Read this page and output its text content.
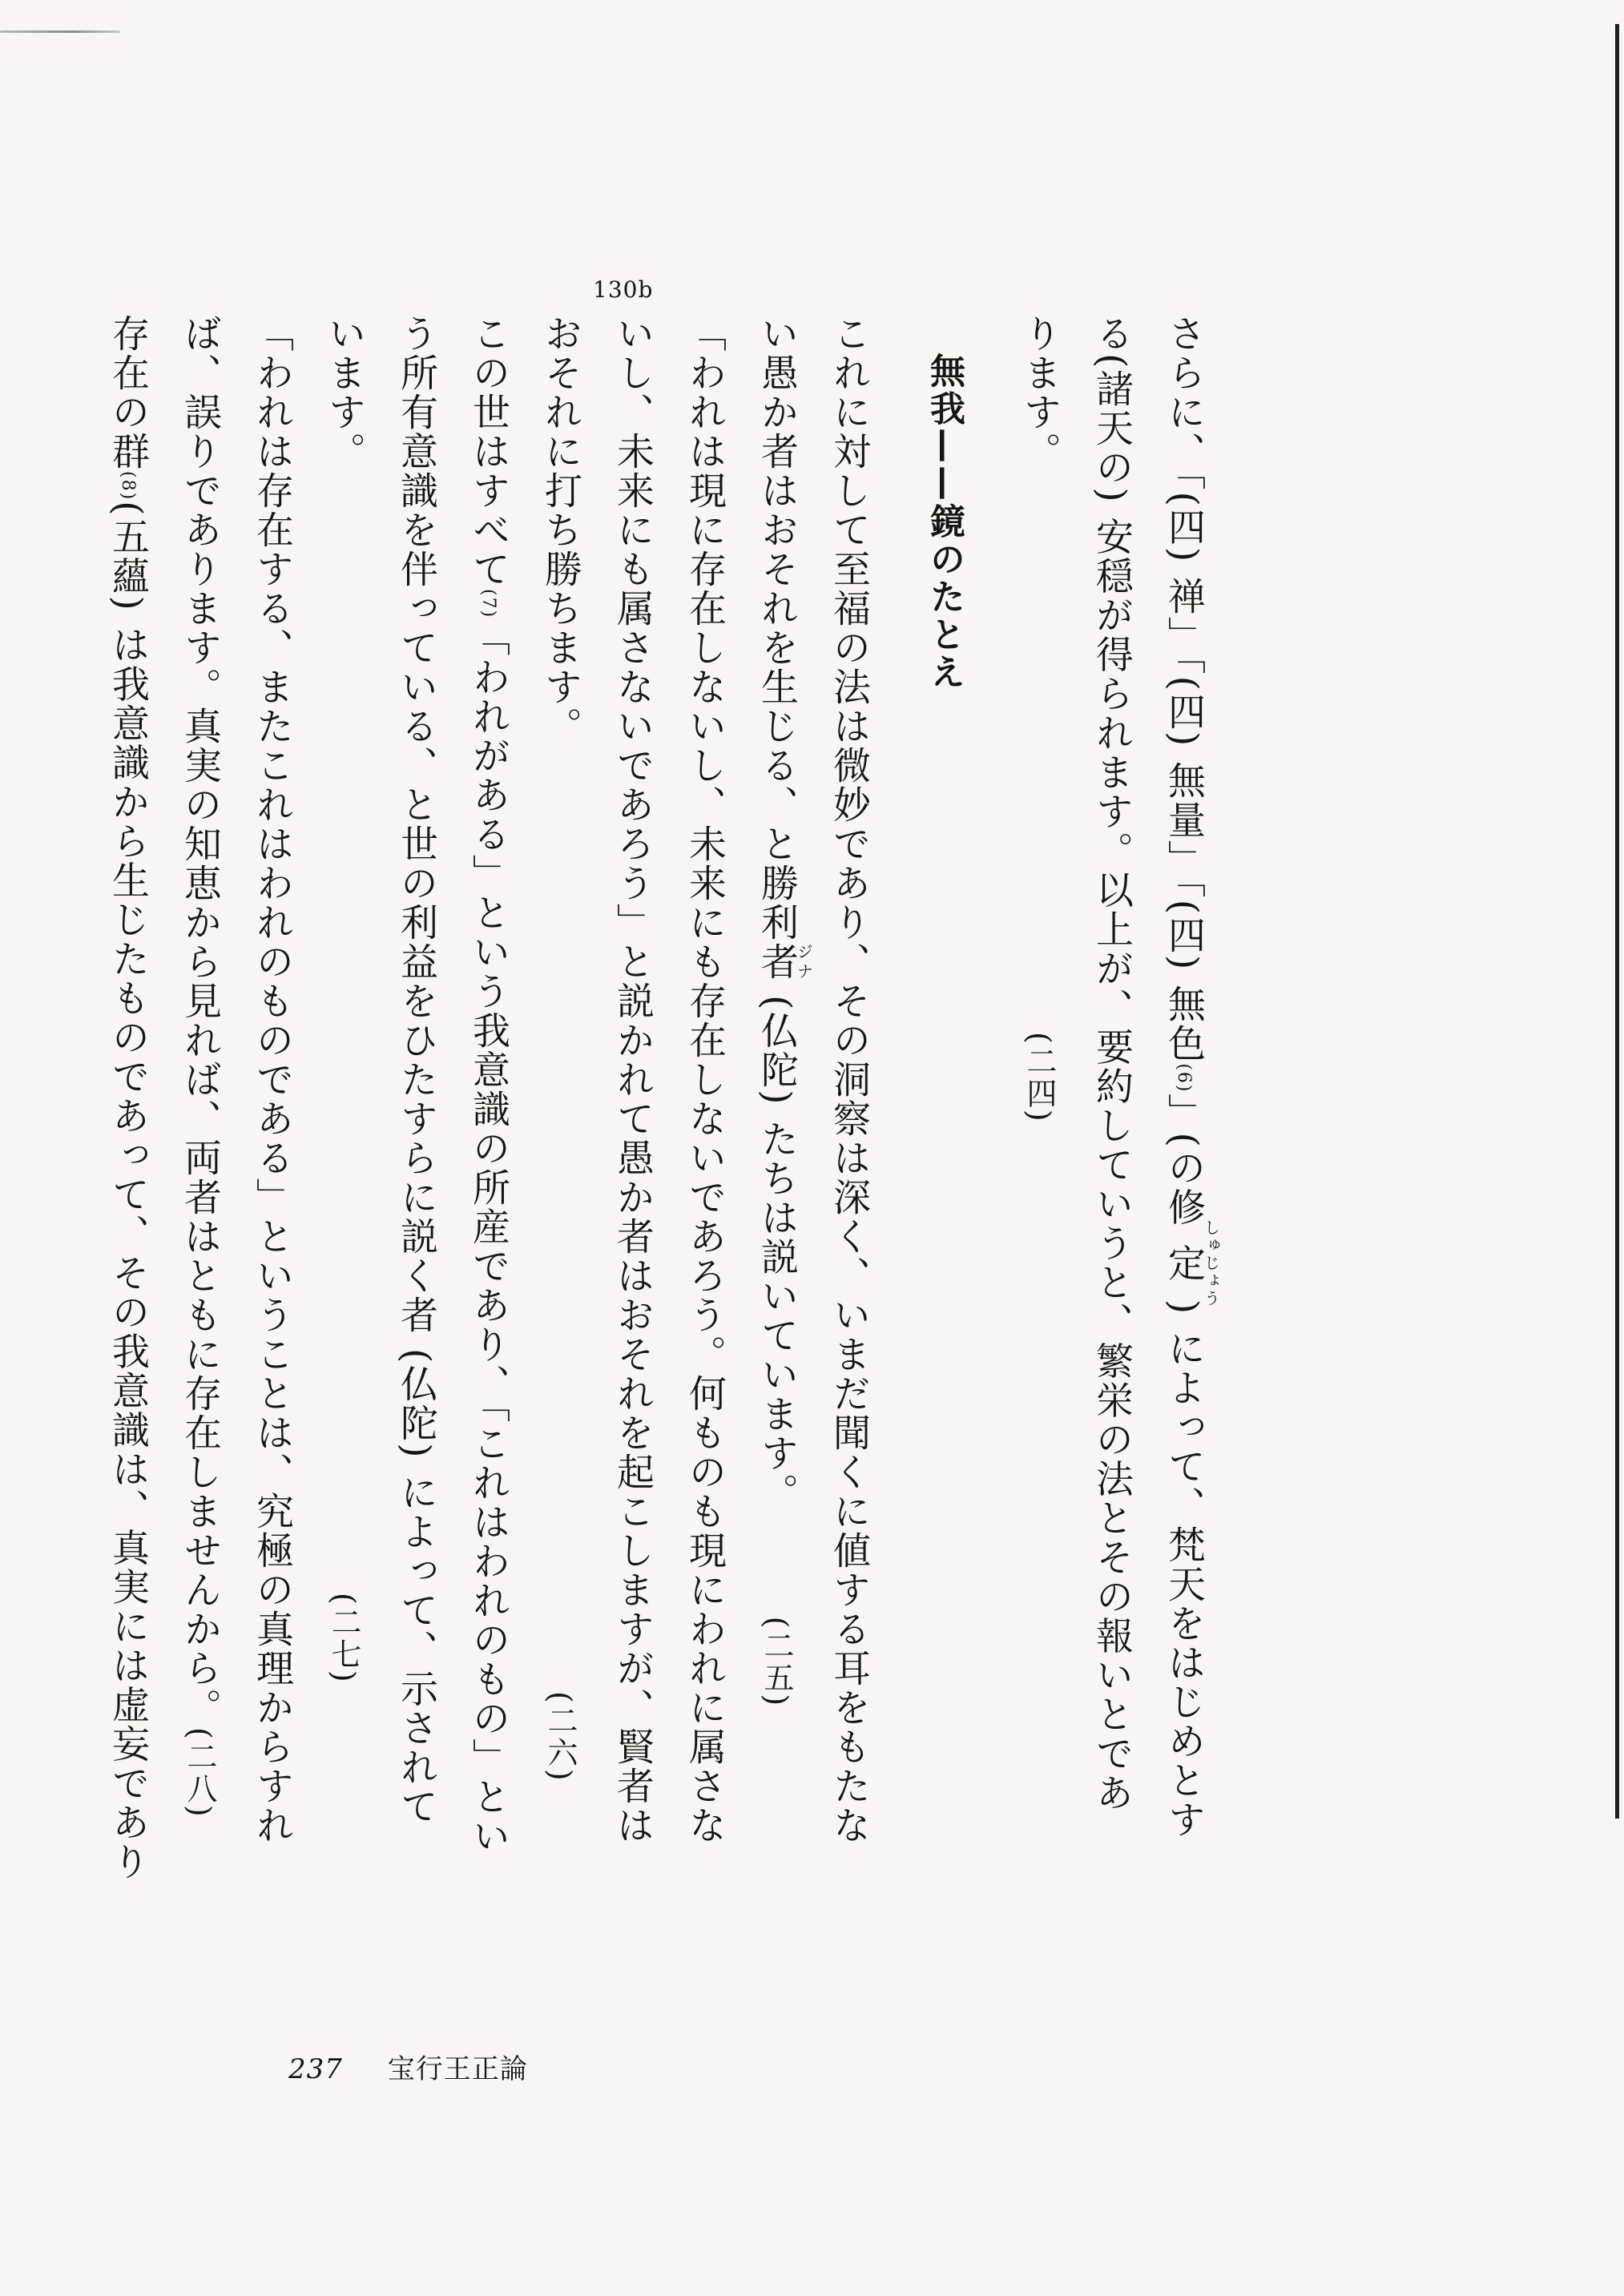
130b

さらに、「(四) 禅」「(四) 無量」「(四) 無色(6)」(の修定しゅじょう) によって、梵天をはじめとす

る(諸天の) 安穏が得られます。以上が、要約していうと、繁栄の法とその報いとであ

ります。(二四)

無我——鏡のたとえ

これに対して至福の法は微妙であり、その洞察は深く、いまだ聞くに値する耳をもたな

い愚か者はおそれを生じる、と勝利者ジナ (仏陀) たちは説いています。(二五)

「われは現に存在しないし、未来にも存在しないであろう。何ものも現にわれに属さな

いし、未来にも属さないであろう」と説かれて愚か者はおそれを起こしますが、賢者は

おそれに打ち勝ちます。(二六)

この世はすべて(7)「われがある」という我意識の所産であり、「これはわれのもの」とい

う所有意識を伴っている、と世の利益をひたすらに説く者 (仏陀) によって、示されて

います。(二七)

「われは存在する、またこれはわれのものである」ということは、究極の真理からすれ

ば、誤りであります。真実の知恵から見れば、両者はともに存在しませんから。(二八)

存在の群(8)(五蘊) は我意識から生じたものであって、その我意識は、真実には虚妄であり

237 宝行王正論
